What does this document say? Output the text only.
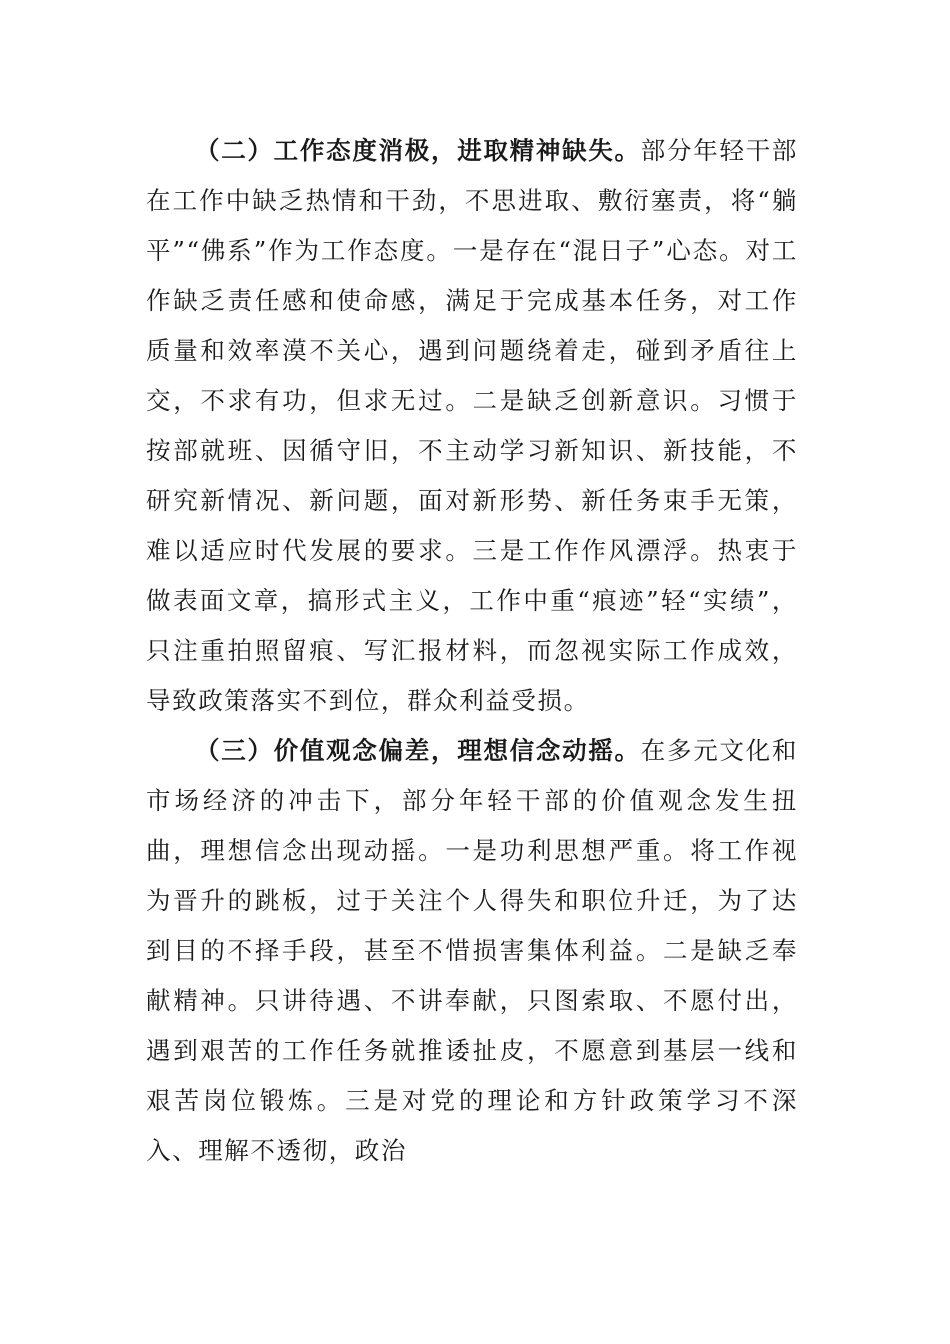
（二）工作态度消极，进取精神缺失。部分年轻干部在工作中缺乏热情和干劲，不思进取、敷衍塞责，将“躺平”“佛系”作为工作态度。一是存在“混日子”心态。对工作缺乏责任感和使命感，满足于完成基本任务，对工作质量和效率漠不关心，遇到问题绕着走，碰到矛盾往上交，不求有功，但求无过。二是缺乏创新意识。习惯于按部就班、因循守旧，不主动学习新知识、新技能，不研究新情况、新问题，面对新形势、新任务束手无策，难以适应时代发展的要求。三是工作作风漂浮。热衷于做表面文章，搞形式主义，工作中重“痕迹”轻“实绩”，只注重拍照留痕、写汇报材料，而忽视实际工作成效，导致政策落实不到位，群众利益受损。

（三）价值观念偏差，理想信念动摇。在多元文化和市场经济的冲击下，部分年轻干部的价值观念发生扭曲，理想信念出现动摇。一是功利思想严重。将工作视为晋升的跳板，过于关注个人得失和职位升迁，为了达到目的不择手段，甚至不惜损害集体利益。二是缺乏奉献精神。只讲待遇、不讲奉献，只图索取、不愿付出，遇到艰苦的工作任务就推诿扯皮，不愿意到基层一线和艰苦岗位锻炼。三是对党的理论和方针政策学习不深入、理解不透彻，政治
